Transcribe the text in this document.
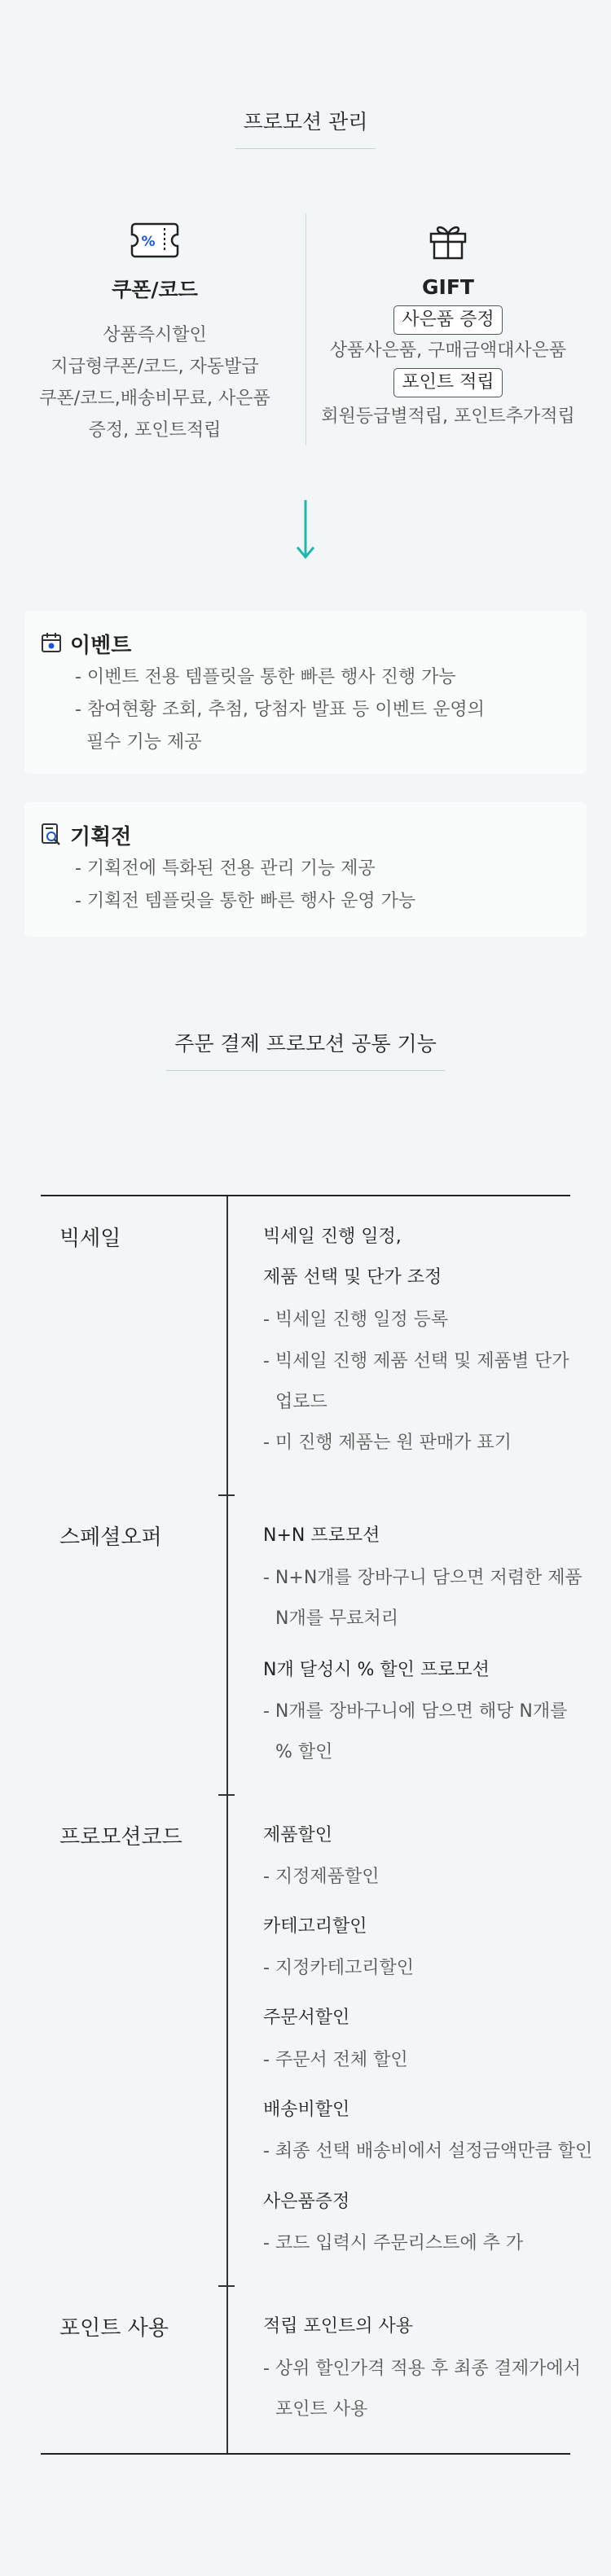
프로모션 관리
%
쿠폰/코드
상품즉시할인
지급형쿠폰/코드, 자동발급
쿠폰/코드,배송비무료, 사은품
증정, 포인트적립
GIFT
사은품 증정
상품사은품, 구매금액대사은품
포인트 적립
회원등급별적립, 포인트추가적립
이벤트
- 이벤트 전용 템플릿을 통한 빠른 행사 진행 가능
- 참여현황 조회, 추첨, 당첨자 발표 등 이벤트 운영의
필수 기능 제공
기획전
- 기획전에 특화된 전용 관리 기능 제공
- 기획전 템플릿을 통한 빠른 행사 운영 가능
주문 결제 프로모션 공통 기능
빅세일	빅세일 진행 일정,
제품 선택 및 단가 조정
- 빅세일 진행 일정 등록
- 빅세일 진행 제품 선택 및 제품별 단가
업로드
- 미 진행 제품는 원 판매가 표기
스페셜오퍼	N+N 프로모션
- N+N개를 장바구니 담으면 저렴한 제품
N개를 무료처리
N개 달성시 % 할인 프로모션
- N개를 장바구니에 담으면 해당 N개를
% 할인
프로모션코드	제품할인
- 지정제품할인
카테고리할인
- 지정카테고리할인
주문서할인
- 주문서 전체 할인
배송비할인
- 최종 선택 배송비에서 설정금액만큼 할인
사은품증정
- 코드 입력시 주문리스트에 추 가
포인트 사용	적립 포인트의 사용
- 상위 할인가격 적용 후 최종 결제가에서
포인트 사용
